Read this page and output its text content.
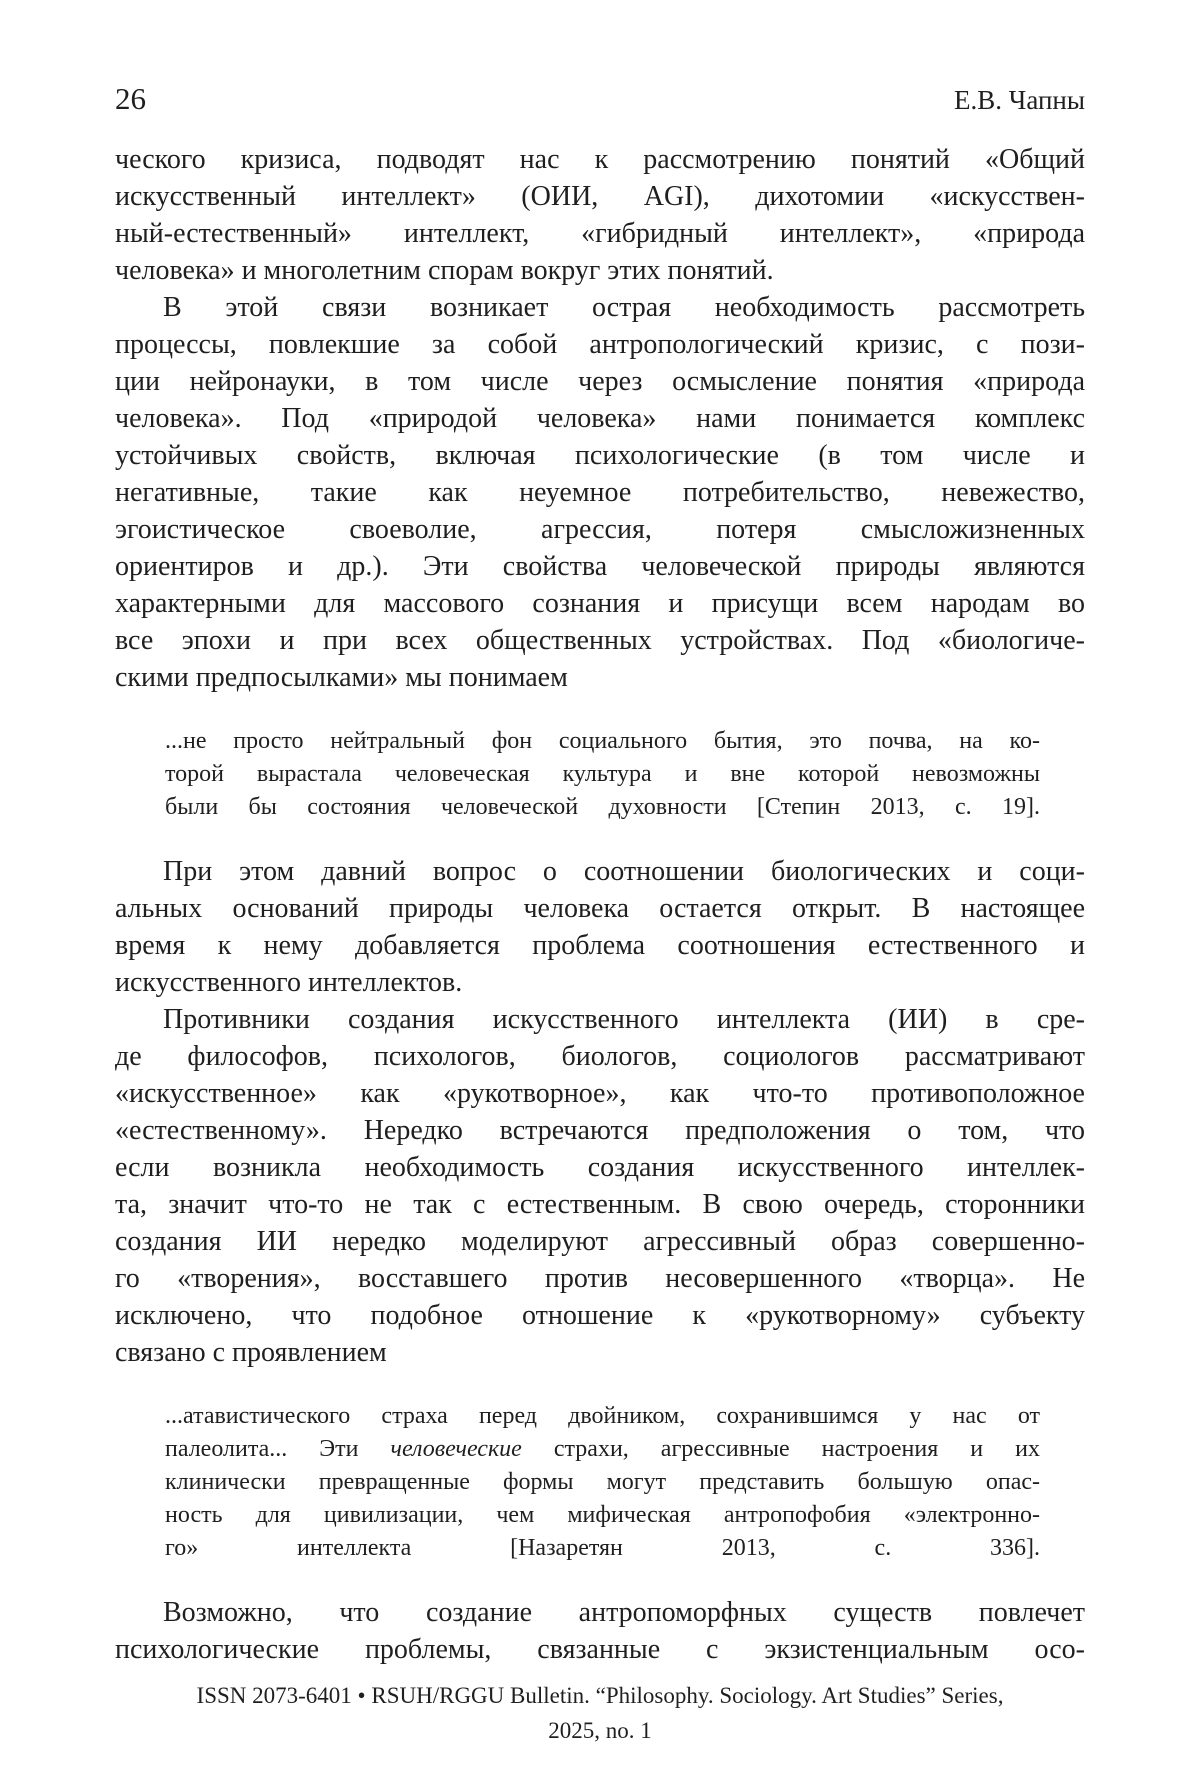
26	Е.В. Чапны
ческого кризиса, подводят нас к рассмотрению понятий «Общий
искусственный интеллект» (ОИИ, AGI), дихотомии «искусствен-
ный-естественный» интеллект, «гибридный интеллект», «природа
человека» и многолетним спорам вокруг этих понятий.
В этой связи возникает острая необходимость рассмотреть
процессы, повлекшие за собой антропологический кризис, с пози-
ции нейронауки, в том числе через осмысление понятия «природа
человека». Под «природой человека» нами понимается комплекс
устойчивых свойств, включая психологические (в том числе и
негативные, такие как неуемное потребительство, невежество,
эгоистическое своеволие, агрессия, потеря смысложизненных
ориентиров и др.). Эти свойства человеческой природы являются
характерными для массового сознания и присущи всем народам во
все эпохи и при всех общественных устройствах. Под «биологиче-
скими предпосылками» мы понимаем
...не просто нейтральный фон социального бытия, это почва, на ко-
торой вырастала человеческая культура и вне которой невозможны
были бы состояния человеческой духовности [Степин 2013, с. 19].
При этом давний вопрос о соотношении биологических и соци-
альных оснований природы человека остается открыт. В настоящее
время к нему добавляется проблема соотношения естественного и
искусственного интеллектов.
Противники создания искусственного интеллекта (ИИ) в сре-
де философов, психологов, биологов, социологов рассматривают
«искусственное» как «рукотворное», как что-то противоположное
«естественному». Нередко встречаются предположения о том, что
если возникла необходимость создания искусственного интеллек-
та, значит что-то не так с естественным. В свою очередь, сторонники
создания ИИ нередко моделируют агрессивный образ совершенно-
го «творения», восставшего против несовершенного «творца». Не
исключено, что подобное отношение к «рукотворному» субъекту
связано с проявлением
...атавистического страха перед двойником, сохранившимся у нас от
палеолита... Эти человеческие страхи, агрессивные настроения и их
клинически превращенные формы могут представить большую опас-
ность для цивилизации, чем мифическая антропофобия «электронно-
го» интеллекта [Назаретян 2013, с. 336].
Возможно, что создание антропоморфных существ повлечет
психологические проблемы, связанные с экзистенциальным осо-
ISSN 2073-6401 • RSUH/RGGU Bulletin. “Philosophy. Sociology. Art Studies” Series,
2025, no. 1
